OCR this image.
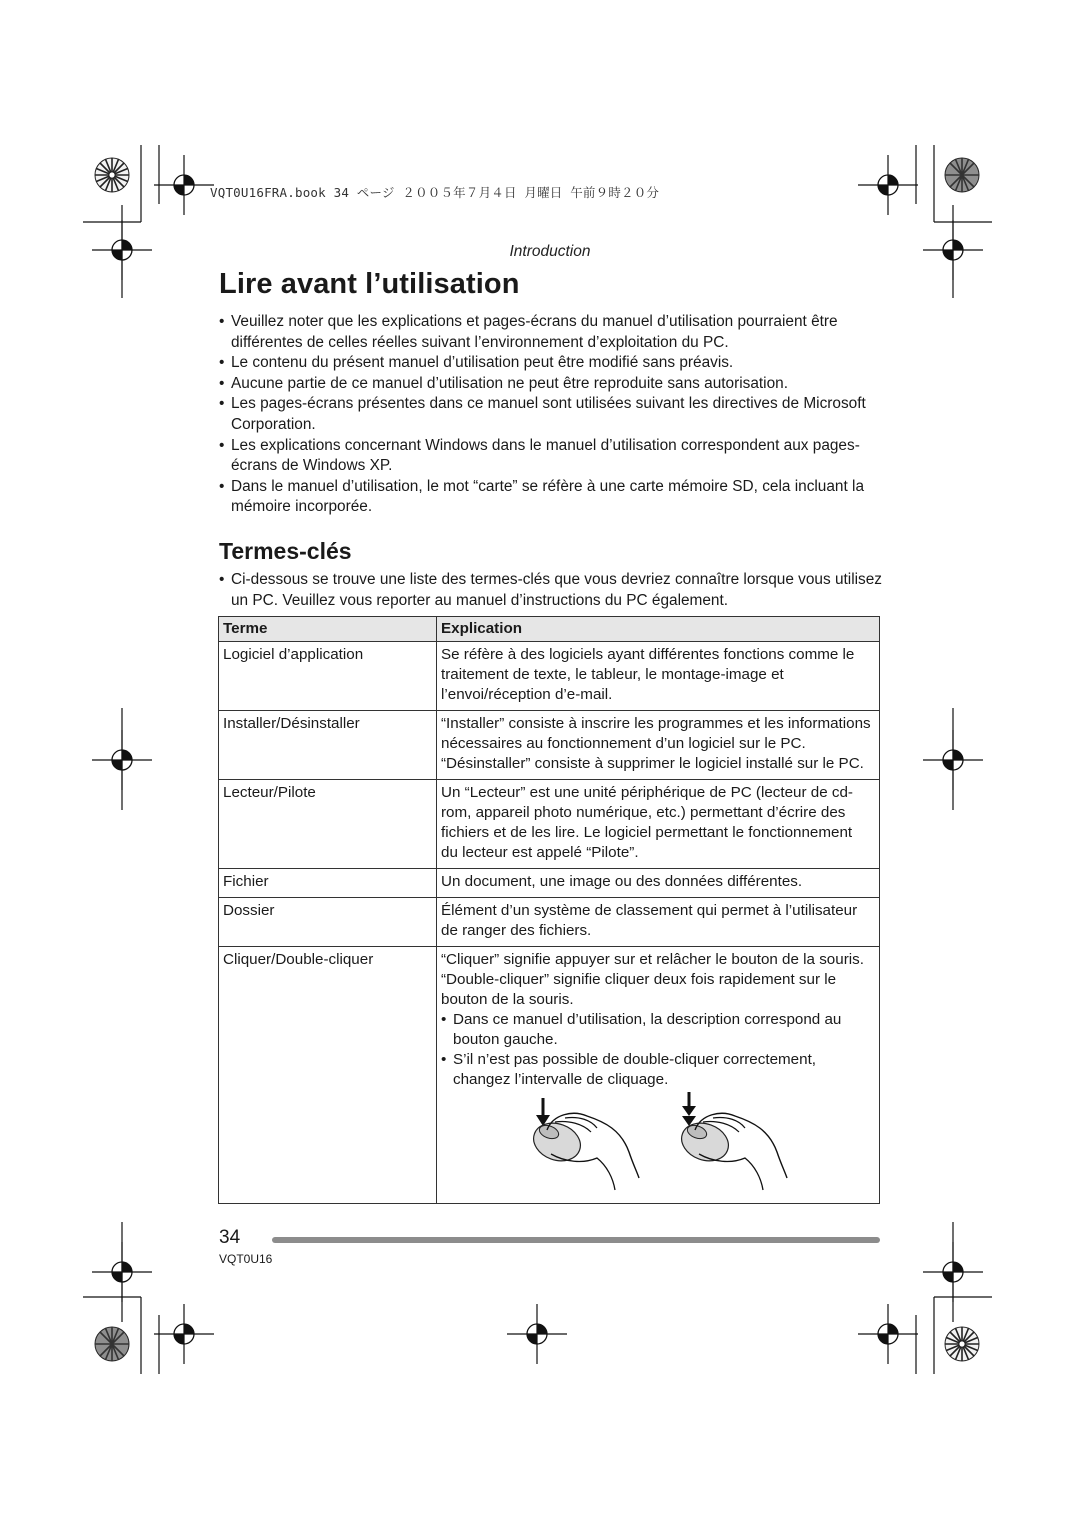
VQT0U16FRA.book 34 ページ ２００５年７月４日 月曜日 午前９時２０分
Introduction
Lire avant l’utilisation
• Veuillez noter que les explications et pages-écrans du manuel d’utilisation pourraient être différentes de celles réelles suivant l’environnement d’exploitation du PC.
• Le contenu du présent manuel d’utilisation peut être modifié sans préavis.
• Aucune partie de ce manuel d’utilisation ne peut être reproduite sans autorisation.
• Les pages-écrans présentes dans ce manuel sont utilisées suivant les directives de Microsoft Corporation.
• Les explications concernant Windows dans le manuel d’utilisation correspondent aux pages-écrans de Windows XP.
• Dans le manuel d’utilisation, le mot “carte” se réfère à une carte mémoire SD, cela incluant la mémoire incorporée.
Termes-clés

• Ci-dessous se trouve une liste des termes-clés que vous devriez connaître lorsque vous utilisez un PC. Veuillez vous reporter au manuel d’instructions du PC également.

Terme	Explication
Logiciel d’application	Se réfère à des logiciels ayant différentes fonctions comme le traitement de texte, le tableur, le montage-image et l’envoi/réception d’e-mail.
Installer/Désinstaller	“Installer” consiste à inscrire les programmes et les informations nécessaires au fonctionnement d’un logiciel sur le PC. “Désinstaller” consiste à supprimer le logiciel installé sur le PC.
Lecteur/Pilote	Un “Lecteur” est une unité périphérique de PC (lecteur de cd-rom, appareil photo numérique, etc.) permettant d’écrire des fichiers et de les lire. Le logiciel permettant le fonctionnement du lecteur est appelé “Pilote”.
Fichier	Un document, une image ou des données différentes.
Dossier	Élément d’un système de classement qui permet à l’utilisateur de ranger des fichiers.
Cliquer/Double-cliquer	“Cliquer” signifie appuyer sur et relâcher le bouton de la souris.
“Double-cliquer” signifie cliquer deux fois rapidement sur le bouton de la souris.
• Dans ce manuel d’utilisation, la description correspond au bouton gauche.
• S’il n’est pas possible de double-cliquer correctement, changez l’intervalle de cliquage.
34
VQT0U16
